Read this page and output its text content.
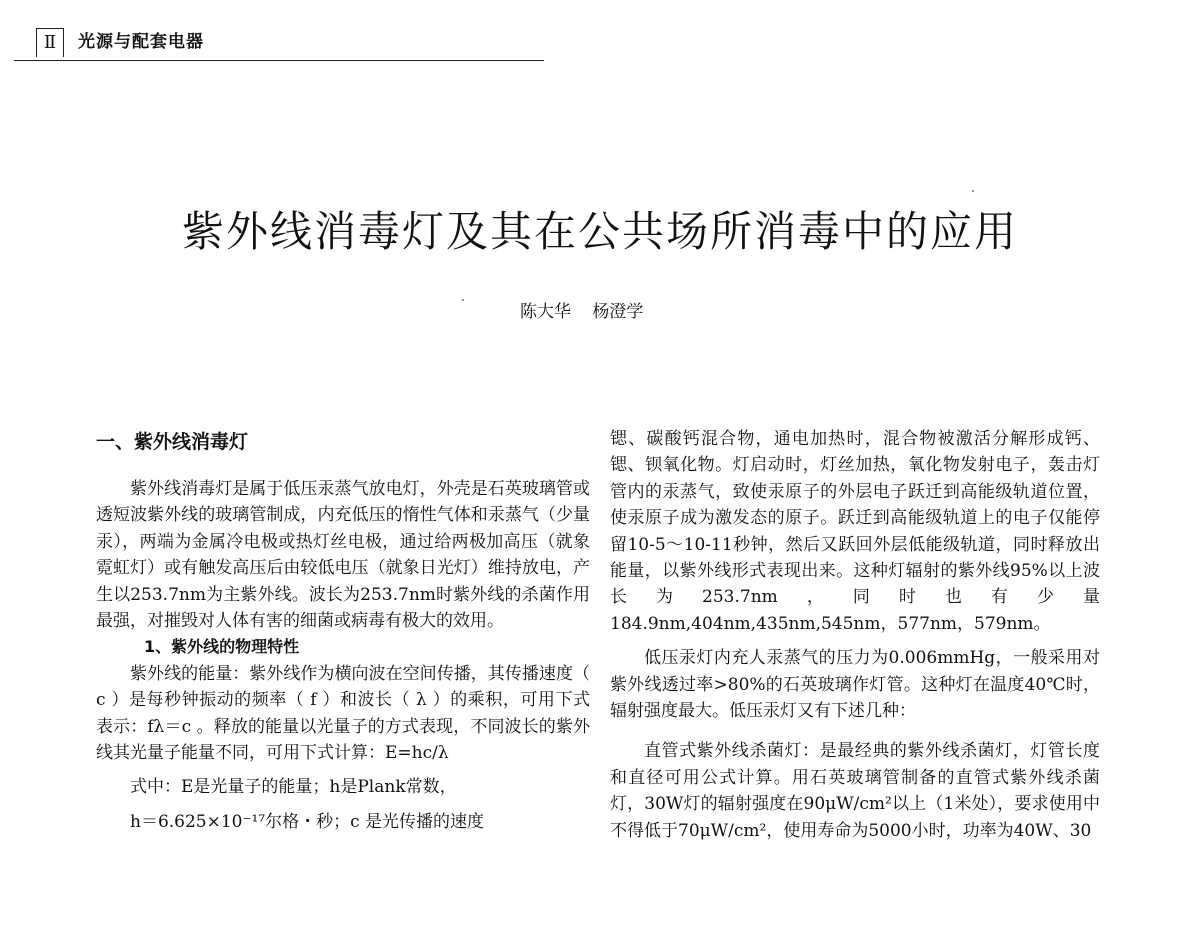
Ⅱ	光源与配套电器
紫外线消毒灯及其在公共场所消毒中的应用
陈大华 杨澄学
一、紫外线消毒灯

紫外线消毒灯是属于低压汞蒸气放电灯，外壳是石英玻璃管或透短波紫外线的玻璃管制成，内充低压的惰性气体和汞蒸气（少量汞），两端为金属冷电极或热灯丝电极，通过给两极加高压（就象霓虹灯）或有触发高压后由较低电压（就象日光灯）维持放电，产生以253.7nm为主紫外线。波长为253.7nm时紫外线的杀菌作用最强，对摧毁对人体有害的细菌或病毒有极大的效用。

1、紫外线的物理特性

紫外线的能量：紫外线作为横向波在空间传播，其传播速度（ c ）是每秒钟振动的频率（ f ）和波长（ λ ）的乘积，可用下式表示：fλ＝c 。释放的能量以光量子的方式表现，不同波长的紫外线其光量子能量不同，可用下式计算：E=hc/λ

式中：E是光量子的能量；h是Plank常数，

h＝6.625×10⁻¹⁷尔格・秒；c 是光传播的速度

锶、碳酸钙混合物，通电加热时，混合物被激活分解形成钙、锶、钡氧化物。灯启动时，灯丝加热，氧化物发射电子，轰击灯管内的汞蒸气，致使汞原子的外层电子跃迁到高能级轨道位置，使汞原子成为激发态的原子。跃迁到高能级轨道上的电子仅能停留10-5～10-11秒钟，然后又跃回外层低能级轨道，同时释放出能量，以紫外线形式表现出来。这种灯辐射的紫外线95%以上波长为253.7nm，同时也有少量184.9nm,404nm,435nm,545nm，577nm，579nm。

低压汞灯内充人汞蒸气的压力为0.006mmHg，一般采用对紫外线透过率>80%的石英玻璃作灯管。这种灯在温度40℃时，辐射强度最大。低压汞灯又有下述几种：

直管式紫外线杀菌灯：是最经典的紫外线杀菌灯，灯管长度和直径可用公式计算。用石英玻璃管制备的直管式紫外线杀菌灯，30W灯的辐射强度在90μW/cm²以上（1米处），要求使用中不得低于70μW/cm²，使用寿命为5000小时，功率为40W、30
